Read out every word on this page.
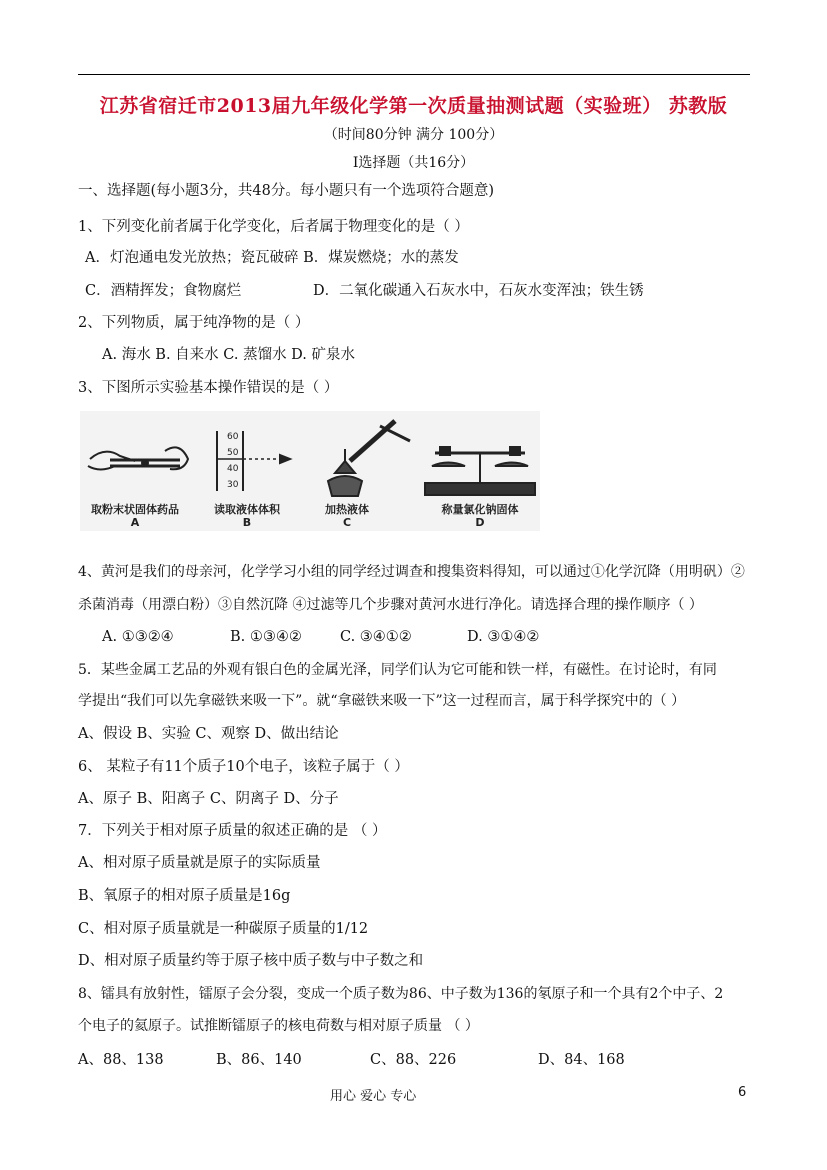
江苏省宿迁市2013届九年级化学第一次质量抽测试题（实验班） 苏教版
（时间80分钟 满分 100分）
Ⅰ选择题（共16分）
一、选择题(每小题3分，共48分。每小题只有一个选项符合题意)
1、下列变化前者属于化学变化，后者属于物理变化的是（ ）
A．灯泡通电发光放热；瓷瓦破碎 B．煤炭燃烧；水的蒸发
C．酒精挥发；食物腐烂	D．二氧化碳通入石灰水中，石灰水变浑浊；铁生锈
2、下列物质，属于纯净物的是（ ）
A. 海水 B. 自来水 C. 蒸馏水 D. 矿泉水
3、下图所示实验基本操作错误的是（ ）
60
50
40
30
取粉末状固体药品
A
读取液体体积
B
加热液体
C
称量氯化钠固体
D
4、黄河是我们的母亲河，化学学习小组的同学经过调查和搜集资料得知，可以通过①化学沉降（用明矾）②
杀菌消毒（用漂白粉）③自然沉降 ④过滤等几个步骤对黄河水进行净化。请选择合理的操作顺序（ ）
A. ①③②④	B. ①③④②	C. ③④①②	D. ③①④②
5．某些金属工艺品的外观有银白色的金属光泽，同学们认为它可能和铁一样，有磁性。在讨论时，有同
学提出“我们可以先拿磁铁来吸一下”。就“拿磁铁来吸一下”这一过程而言，属于科学探究中的（ ）
A、假设 B、实验 C、观察 D、做出结论
6、 某粒子有11个质子10个电子，该粒子属于（ ）
A、原子 B、阳离子 C、阴离子 D、分子
7．下列关于相对原子质量的叙述正确的是 （ ）
A、相对原子质量就是原子的实际质量
B、氧原子的相对原子质量是16g
C、相对原子质量就是一种碳原子质量的1/12
D、相对原子质量约等于原子核中质子数与中子数之和
8、镭具有放射性，镭原子会分裂，变成一个质子数为86、中子数为136的氡原子和一个具有2个中子、2
个电子的氦原子。试推断镭原子的核电荷数与相对原子质量 （ ）
A、88、138	B、86、140	C、88、226	D、84、168
用心 爱心 专心	6
